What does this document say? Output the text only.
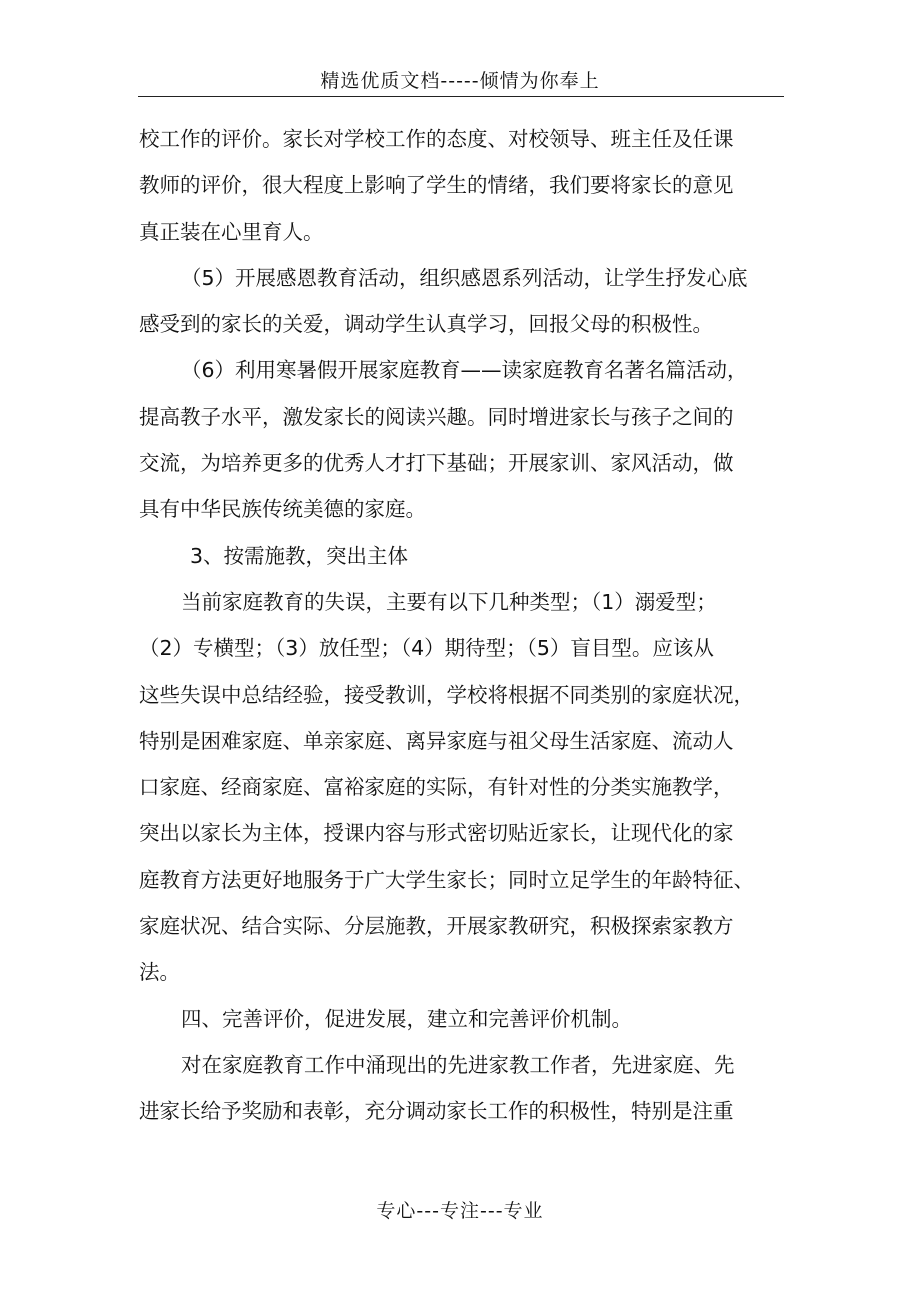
精选优质文档-----倾情为你奉上
校工作的评价。家长对学校工作的态度、对校领导、班主任及任课
教师的评价，很大程度上影响了学生的情绪，我们要将家长的意见
真正装在心里育人。
（5）开展感恩教育活动，组织感恩系列活动，让学生抒发心底
感受到的家长的关爱，调动学生认真学习，回报父母的积极性。
（6）利用寒暑假开展家庭教育——读家庭教育名著名篇活动，
提高教子水平，激发家长的阅读兴趣。同时增进家长与孩子之间的
交流，为培养更多的优秀人才打下基础；开展家训、家风活动，做
具有中华民族传统美德的家庭。
3、按需施教，突出主体
当前家庭教育的失误，主要有以下几种类型；（1）溺爱型；
（2）专横型；（3）放任型；（4）期待型；（5）盲目型。应该从
这些失误中总结经验，接受教训，学校将根据不同类别的家庭状况，
特别是困难家庭、单亲家庭、离异家庭与祖父母生活家庭、流动人
口家庭、经商家庭、富裕家庭的实际，有针对性的分类实施教学，
突出以家长为主体，授课内容与形式密切贴近家长，让现代化的家
庭教育方法更好地服务于广大学生家长；同时立足学生的年龄特征、
家庭状况、结合实际、分层施教，开展家教研究，积极探索家教方
法。
四、完善评价，促进发展，建立和完善评价机制。
对在家庭教育工作中涌现出的先进家教工作者，先进家庭、先
进家长给予奖励和表彰，充分调动家长工作的积极性，特别是注重
专心---专注---专业
